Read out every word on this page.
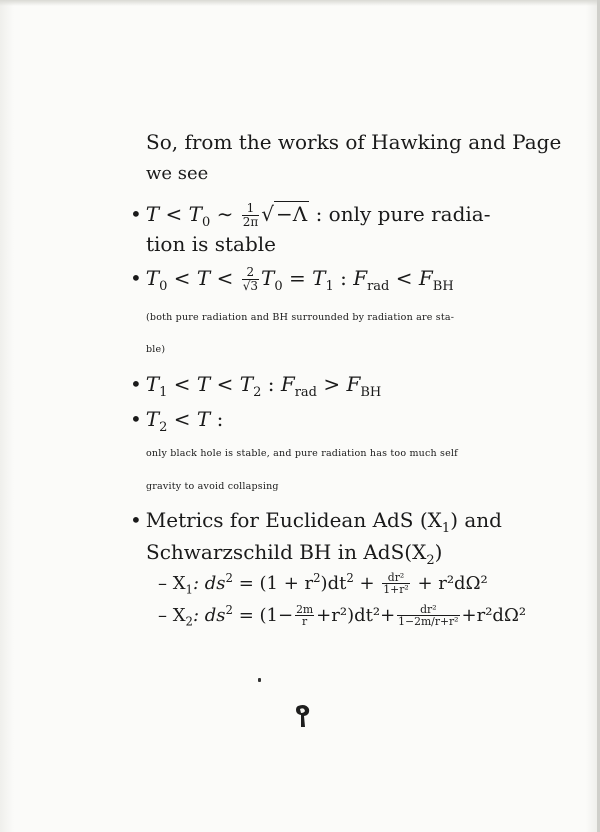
So, from the works of Hawking and Page
we see
• $T < T_0$ ∼ $\frac{1}{2\pi}$ √ −Λ : only pure radia-
tion is stable
• $T_0 < T < \frac{2}{√3} T_0 = T_1$ : $F_{rad} < F_{BH}$
(both pure radiation and BH surrounded by radiation are sta-
ble)
• $T_1 < T < T_2$ : $F_{rad} > F_{BH}$
• $T_2 < T$ :
only black hole is stable, and pure radiation has too much self
gravity to avoid collapsing
• Metrics for Euclidean AdS $(X_1)$ and
Schwarzschild BH in $AdS(X_2)$
– $X_1$: $ds^2 = (1 + r^2)dt^2 + \frac{\text{dr²}}{\text{1+r²}} + r^2d\Omega^2$
– $X_2$: $ds^2 = (1- \frac{2m}{r} +r^2)dt^2+ \frac{\text{dr²}}{\text{1−2m/r+r²}} +r^2d\Omega^2$
